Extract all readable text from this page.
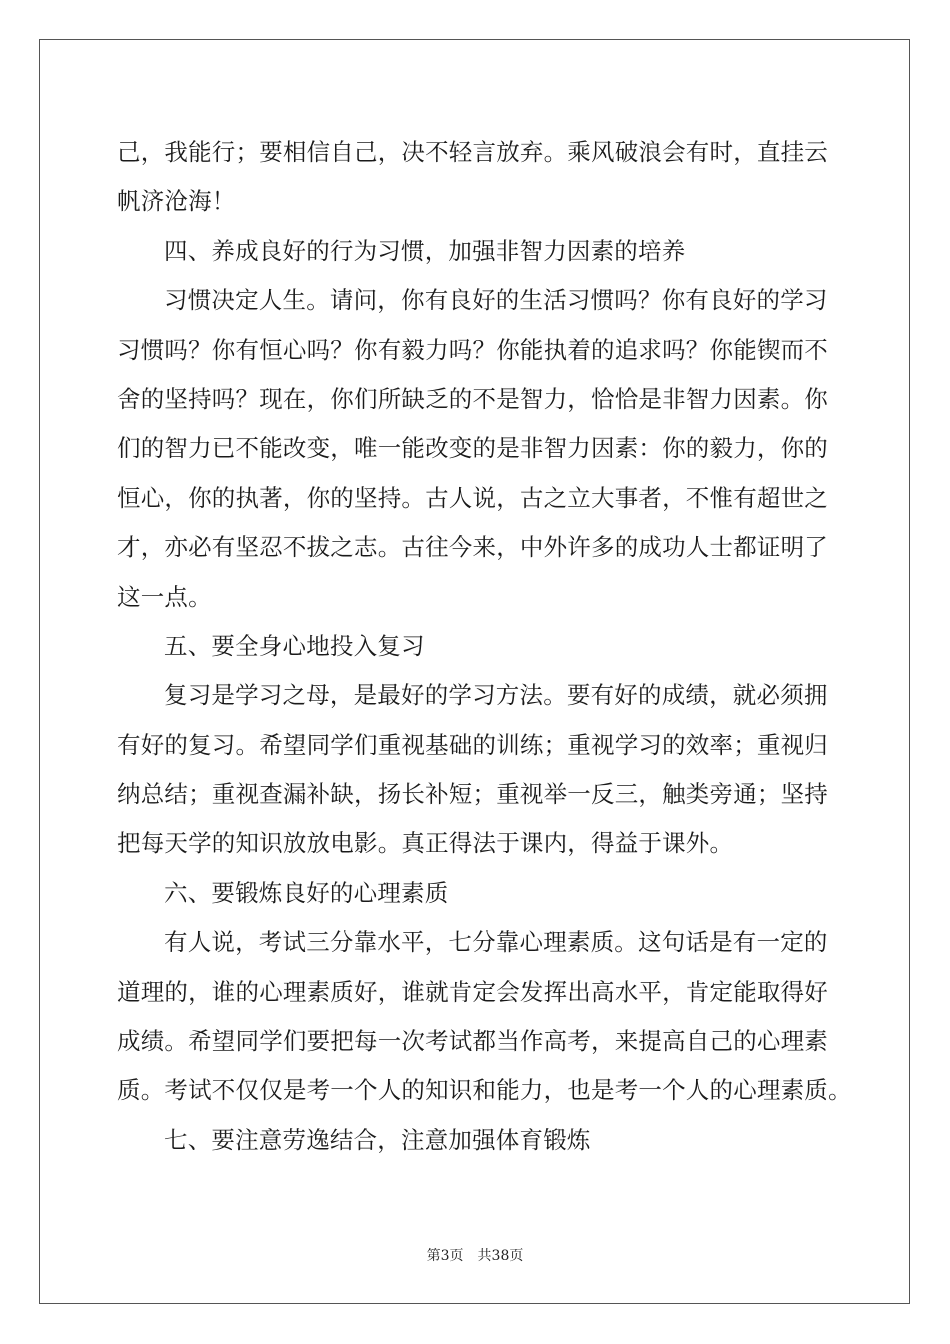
己，我能行；要相信自己，决不轻言放弃。乘风破浪会有时，直挂云
帆济沧海！
四、养成良好的行为习惯，加强非智力因素的培养
习惯决定人生。请问，你有良好的生活习惯吗？你有良好的学习
习惯吗？你有恒心吗？你有毅力吗？你能执着的追求吗？你能锲而不
舍的坚持吗？现在，你们所缺乏的不是智力，恰恰是非智力因素。你
们的智力已不能改变，唯一能改变的是非智力因素：你的毅力，你的
恒心，你的执著，你的坚持。古人说，古之立大事者，不惟有超世之
才，亦必有坚忍不拔之志。古往今来，中外许多的成功人士都证明了
这一点。
五、要全身心地投入复习
复习是学习之母，是最好的学习方法。要有好的成绩，就必须拥
有好的复习。希望同学们重视基础的训练；重视学习的效率；重视归
纳总结；重视查漏补缺，扬长补短；重视举一反三，触类旁通；坚持
把每天学的知识放放电影。真正得法于课内，得益于课外。
六、要锻炼良好的心理素质
有人说，考试三分靠水平，七分靠心理素质。这句话是有一定的
道理的，谁的心理素质好，谁就肯定会发挥出高水平，肯定能取得好
成绩。希望同学们要把每一次考试都当作高考，来提高自己的心理素
质。考试不仅仅是考一个人的知识和能力，也是考一个人的心理素质。
七、要注意劳逸结合，注意加强体育锻炼
第3页　共38页
